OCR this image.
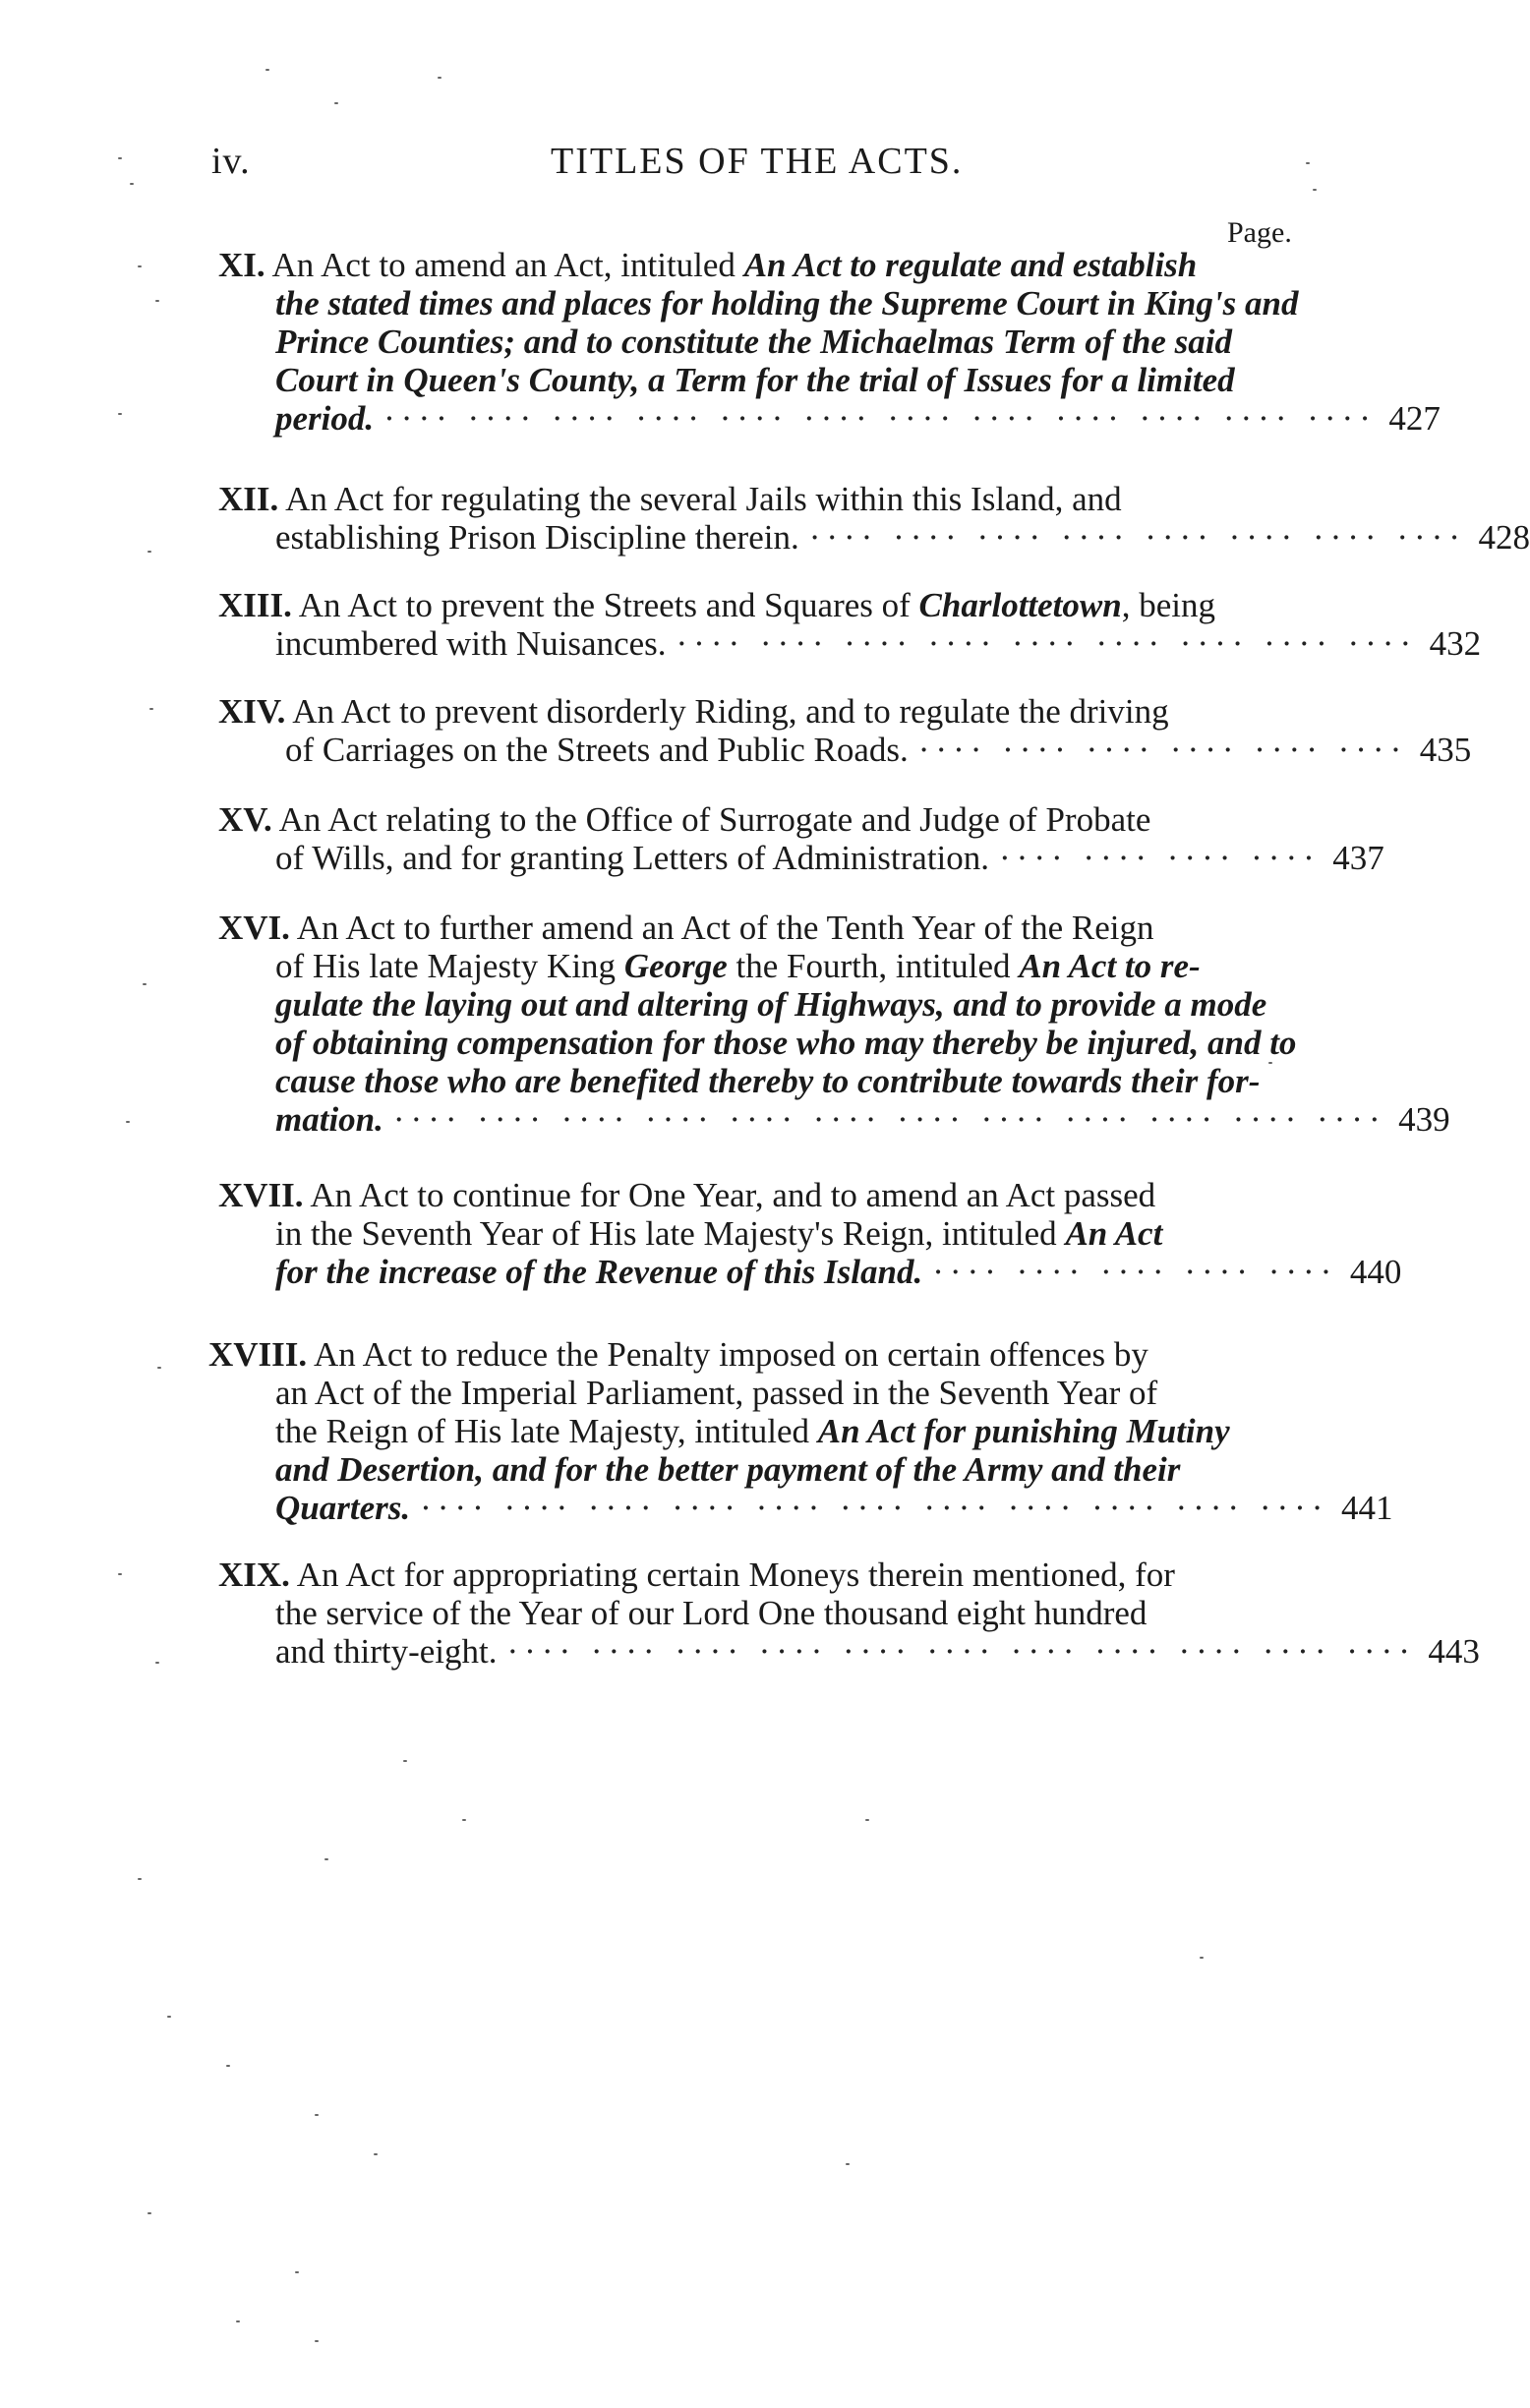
iv.	TITLES OF THE ACTS.
Page.
XI. An Act to amend an Act, intituled An Act to regulate and establish
the stated times and places for holding the Supreme Court in King's and
Prince Counties; and to constitute the Michaelmas Term of the said
Court in Queen's County, a Term for the trial of Issues for a limited
period. ···· ···· ···· ···· ···· ···· ···· ···· ···· ···· ···· ···· 427
XII. An Act for regulating the several Jails within this Island, and
establishing Prison Discipline therein. ···· ···· ···· ···· ···· ···· ···· ···· 428
XIII. An Act to prevent the Streets and Squares of Charlottetown, being
incumbered with Nuisances. ···· ···· ···· ···· ···· ···· ···· ···· ···· 432
XIV. An Act to prevent disorderly Riding, and to regulate the driving
of Carriages on the Streets and Public Roads. ···· ···· ···· ···· ···· ···· 435
XV. An Act relating to the Office of Surrogate and Judge of Probate
of Wills, and for granting Letters of Administration. ···· ···· ···· ···· 437
XVI. An Act to further amend an Act of the Tenth Year of the Reign
of His late Majesty King George the Fourth, intituled An Act to re-
gulate the laying out and altering of Highways, and to provide a mode
of obtaining compensation for those who may thereby be injured, and to
cause those who are benefited thereby to contribute towards their for-
mation. ···· ···· ···· ···· ···· ···· ···· ···· ···· ···· ···· ···· 439
XVII. An Act to continue for One Year, and to amend an Act passed
in the Seventh Year of His late Majesty's Reign, intituled An Act
for the increase of the Revenue of this Island. ···· ···· ···· ···· ···· 440
XVIII. An Act to reduce the Penalty imposed on certain offences by
an Act of the Imperial Parliament, passed in the Seventh Year of
the Reign of His late Majesty, intituled An Act for punishing Mutiny
and Desertion, and for the better payment of the Army and their
Quarters. ···· ···· ···· ···· ···· ···· ···· ···· ···· ···· ···· 441
XIX. An Act for appropriating certain Moneys therein mentioned, for
the service of the Year of our Lord One thousand eight hundred
and thirty-eight. ···· ···· ···· ···· ···· ···· ···· ···· ···· ···· ···· 443
